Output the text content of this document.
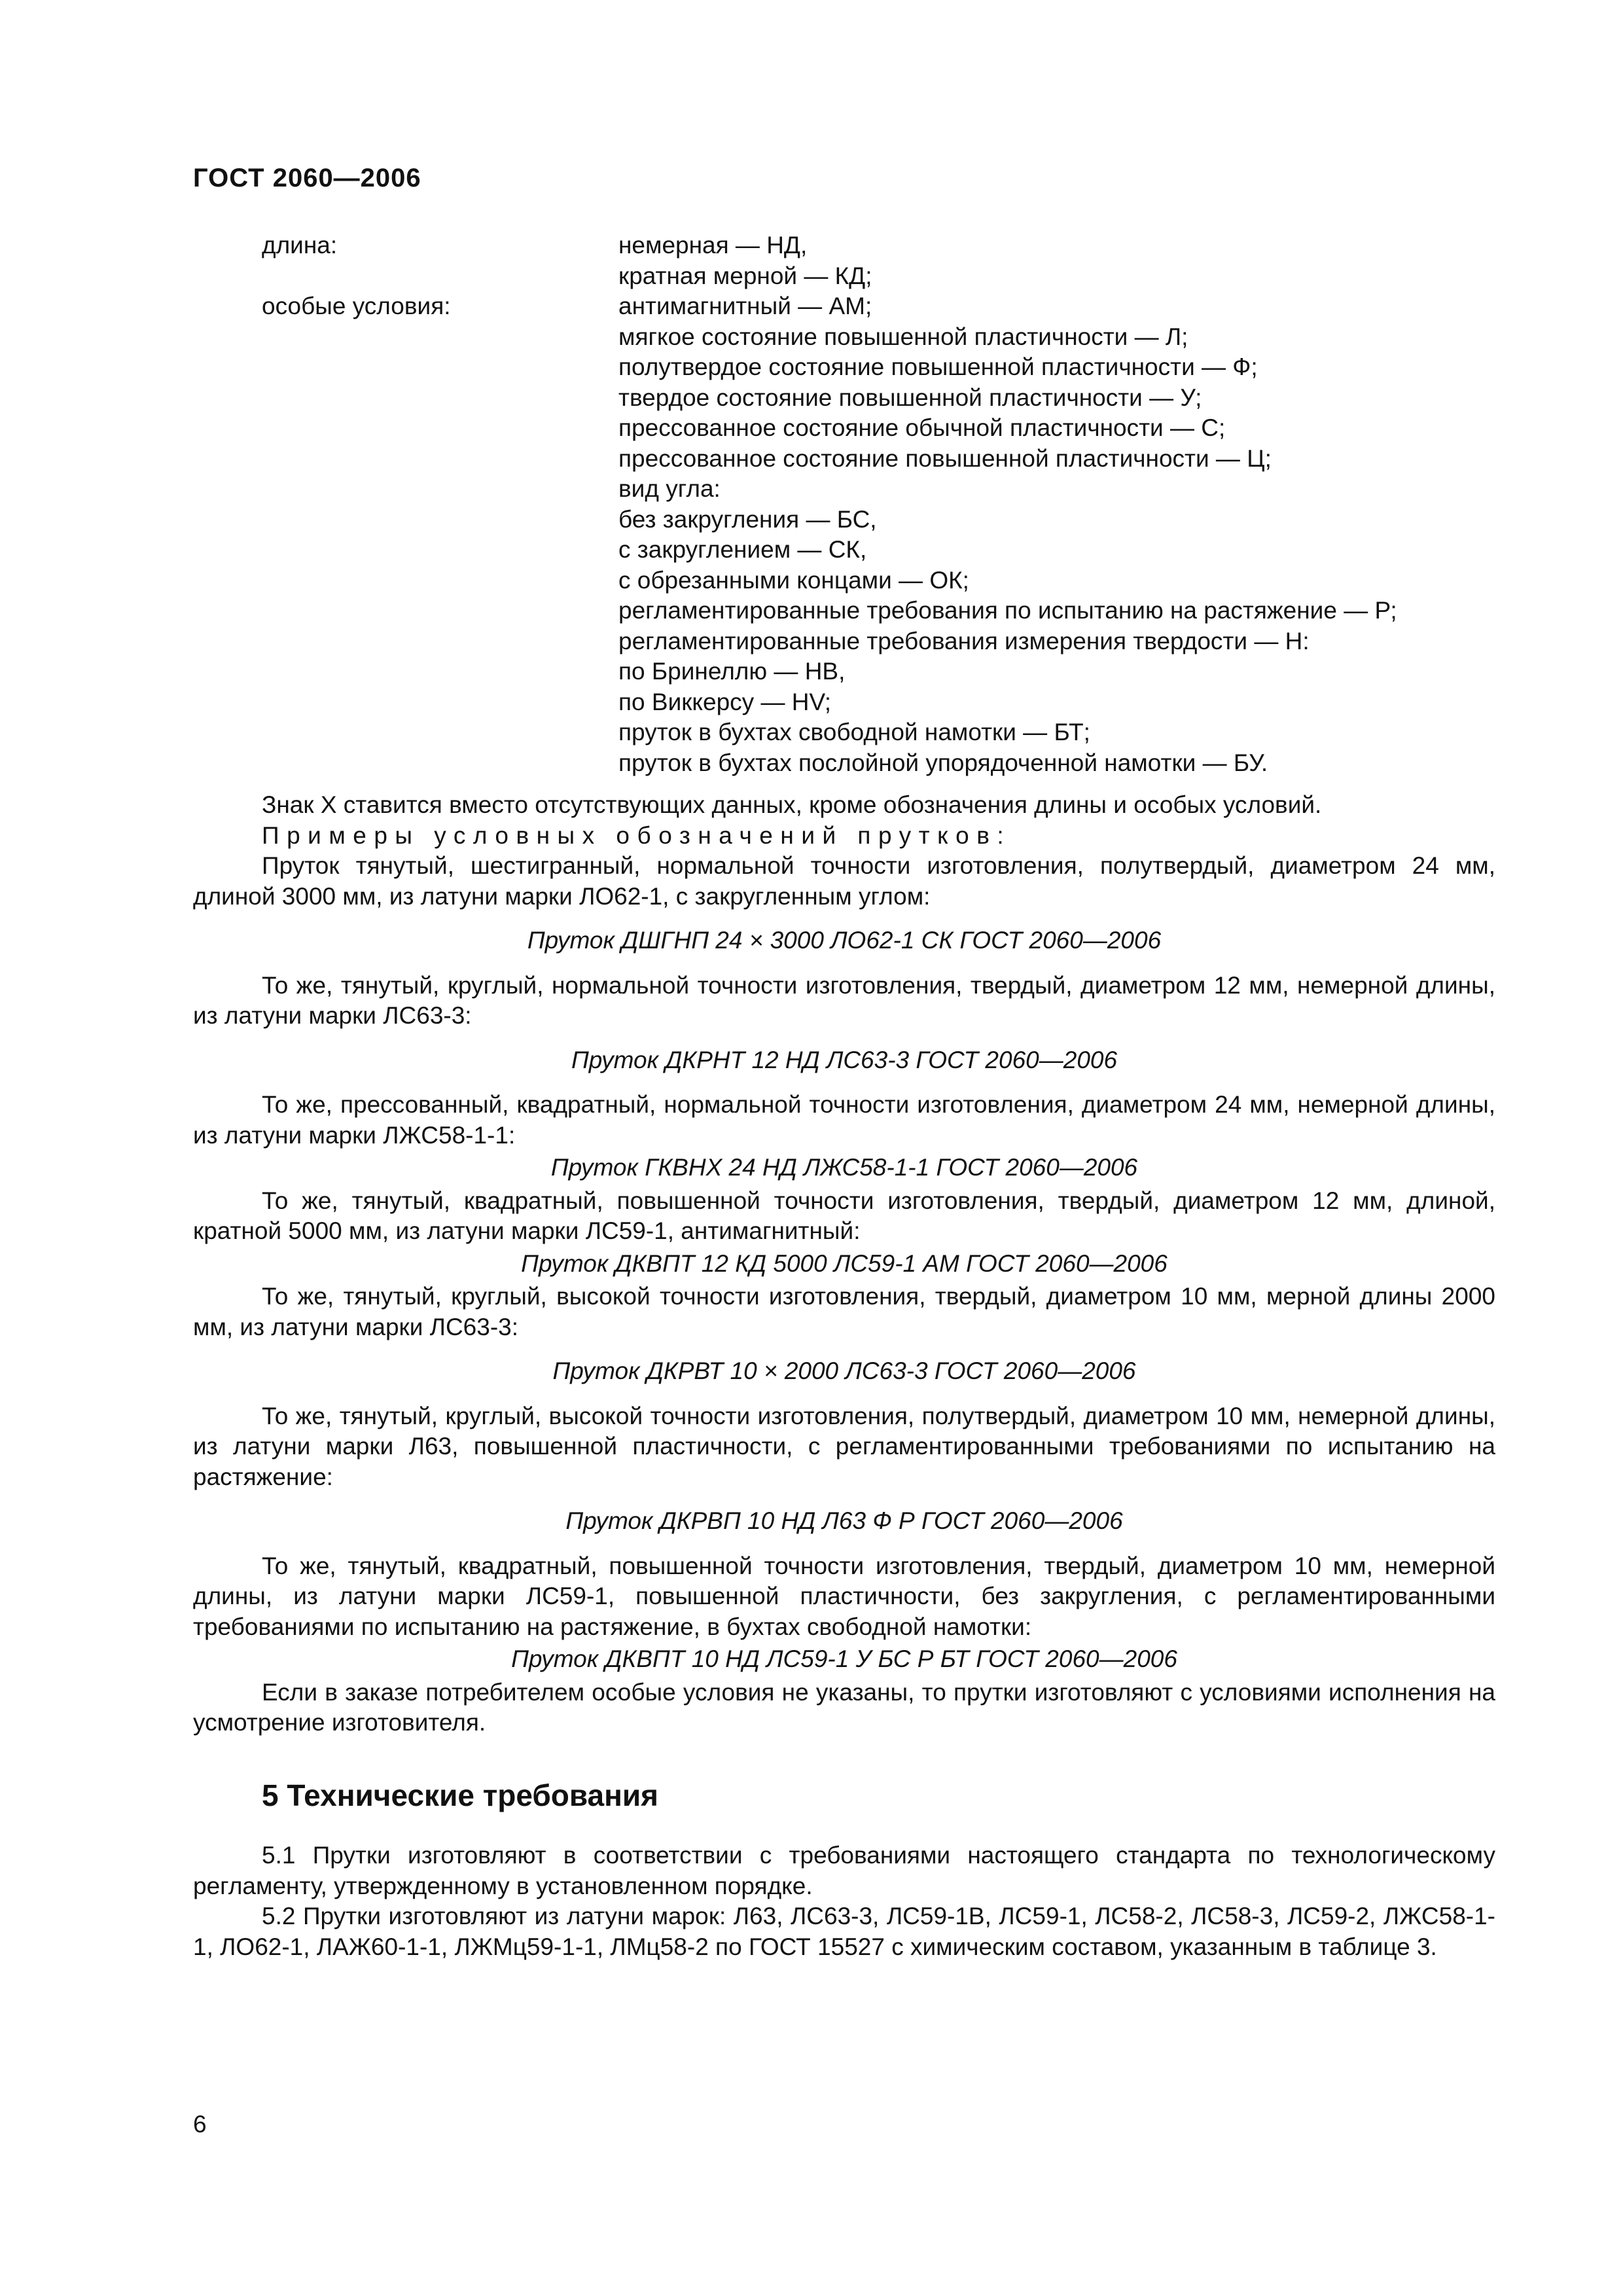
ГОСТ 2060—2006
длина:	немерная — НД,
кратная мерной — КД;
особые условия:	антимагнитный — АМ;
мягкое состояние повышенной пластичности — Л;
полутвердое состояние повышенной пластичности — Ф;
твердое состояние повышенной пластичности — У;
прессованное состояние обычной пластичности — С;
прессованное состояние повышенной пластичности — Ц;
вид угла:
без закругления — БС,
с закруглением — СК,
с обрезанными концами — ОК;
регламентированные требования по испытанию на растяжение — Р;
регламентированные требования измерения твердости — Н:
по Бринеллю — НВ,
по Виккерсу — HV;
пруток в бухтах свободной намотки — БТ;
пруток в бухтах послойной упорядоченной намотки — БУ.

Знак Х ставится вместо отсутствующих данных, кроме обозначения длины и особых условий.

Примеры условных обозначений прутков:

Пруток тянутый, шестигранный, нормальной точности изготовления, полутвердый, диаметром 24 мм, длиной 3000 мм, из латуни марки ЛО62-1, с закругленным углом:

Пруток ДШГНП 24 × 3000 ЛО62-1 СК ГОСТ 2060—2006

То же, тянутый, круглый, нормальной точности изготовления, твердый, диаметром 12 мм, немерной длины, из латуни марки ЛС63-3:

Пруток ДКРНТ 12 НД ЛС63-3 ГОСТ 2060—2006

То же, прессованный, квадратный, нормальной точности изготовления, диаметром 24 мм, немерной длины, из латуни марки ЛЖС58-1-1:

Пруток ГКВНХ 24 НД ЛЖС58-1-1 ГОСТ 2060—2006

То же, тянутый, квадратный, повышенной точности изготовления, твердый, диаметром 12 мм, длиной, кратной 5000 мм, из латуни марки ЛС59-1, антимагнитный:

Пруток ДКВПТ 12 КД 5000 ЛС59-1 АМ ГОСТ 2060—2006

То же, тянутый, круглый, высокой точности изготовления, твердый, диаметром 10 мм, мерной длины 2000 мм, из латуни марки ЛС63-3:

Пруток ДКРВТ 10 × 2000 ЛС63-3 ГОСТ 2060—2006

То же, тянутый, круглый, высокой точности изготовления, полутвердый, диаметром 10 мм, немерной длины, из латуни марки Л63, повышенной пластичности, с регламентированными требованиями по испытанию на растяжение:

Пруток ДКРВП 10 НД Л63 Ф Р ГОСТ 2060—2006

То же, тянутый, квадратный, повышенной точности изготовления, твердый, диаметром 10 мм, немерной длины, из латуни марки ЛС59-1, повышенной пластичности, без закругления, с регламентированными требованиями по испытанию на растяжение, в бухтах свободной намотки:

Пруток ДКВПТ 10 НД ЛС59-1 У БС Р БТ ГОСТ 2060—2006

Если в заказе потребителем особые условия не указаны, то прутки изготовляют с условиями исполнения на усмотрение изготовителя.

5 Технические требования

5.1 Прутки изготовляют в соответствии с требованиями настоящего стандарта по технологическому регламенту, утвержденному в установленном порядке.

5.2 Прутки изготовляют из латуни марок: Л63, ЛС63-3, ЛС59-1В, ЛС59-1, ЛС58-2, ЛС58-3, ЛС59-2, ЛЖС58-1-1, ЛО62-1, ЛАЖ60-1-1, ЛЖМц59-1-1, ЛМц58-2 по ГОСТ 15527 с химическим составом, указанным в таблице 3.

6
